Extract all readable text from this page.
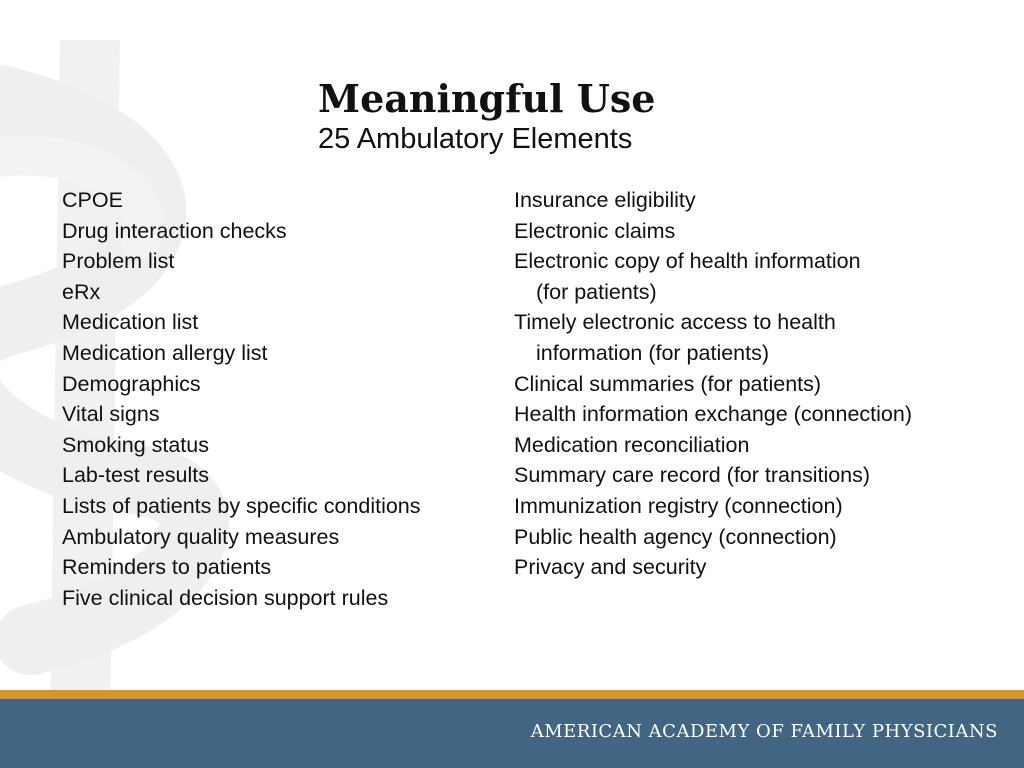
Meaningful Use
25 Ambulatory Elements
CPOE
Drug interaction checks
Problem list
eRx
Medication list
Medication allergy list
Demographics
Vital signs
Smoking status
Lab-test results
Lists of patients by specific conditions
Ambulatory quality measures
Reminders to patients
Five clinical decision support rules
Insurance eligibility
Electronic claims
Electronic copy of health information
(for patients)
Timely electronic access to health
information (for patients)
Clinical summaries (for patients)
Health information exchange (connection)
Medication reconciliation
Summary care record (for transitions)
Immunization registry (connection)
Public health agency (connection)
Privacy and security
AMERICAN ACADEMY OF FAMILY PHYSICIANS
